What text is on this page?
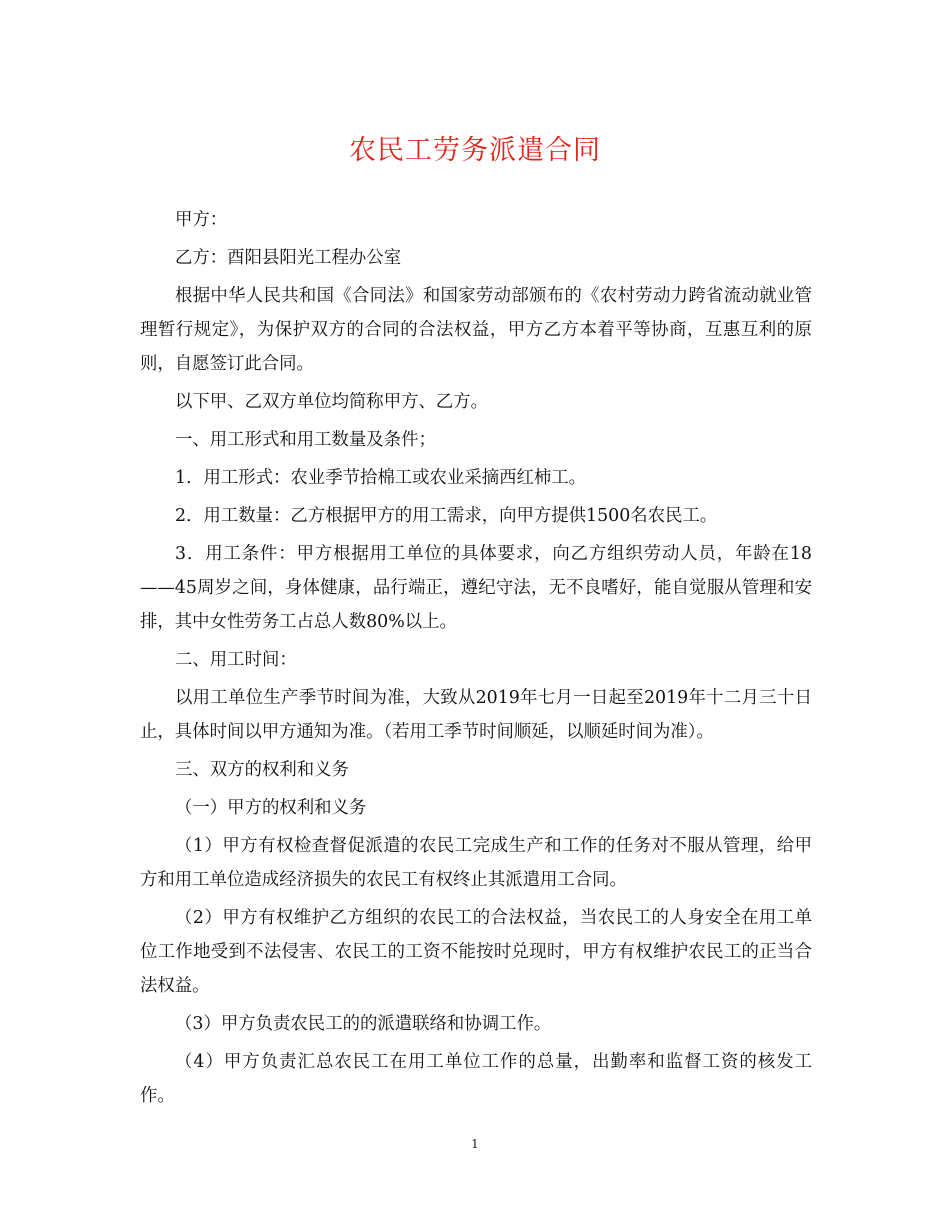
农民工劳务派遣合同

甲方：

乙方：酉阳县阳光工程办公室

根据中华人民共和国《合同法》和国家劳动部颁布的《农村劳动力跨省流动就业管理暂行规定》，为保护双方的合同的合法权益，甲方乙方本着平等协商，互惠互利的原则，自愿签订此合同。

以下甲、乙双方单位均简称甲方、乙方。

一、用工形式和用工数量及条件；

1．用工形式：农业季节拾棉工或农业采摘西红柿工。

2．用工数量：乙方根据甲方的用工需求，向甲方提供1500名农民工。

3．用工条件：甲方根据用工单位的具体要求，向乙方组织劳动人员，年龄在18——45周岁之间，身体健康，品行端正，遵纪守法，无不良嗜好，能自觉服从管理和安排，其中女性劳务工占总人数80%以上。

二、用工时间：

以用工单位生产季节时间为准，大致从2019年七月一日起至2019年十二月三十日止，具体时间以甲方通知为准。（若用工季节时间顺延，以顺延时间为准）。

三、双方的权利和义务

（一）甲方的权利和义务

（1）甲方有权检查督促派遣的农民工完成生产和工作的任务对不服从管理，给甲方和用工单位造成经济损失的农民工有权终止其派遣用工合同。

（2）甲方有权维护乙方组织的农民工的合法权益，当农民工的人身安全在用工单位工作地受到不法侵害、农民工的工资不能按时兑现时，甲方有权维护农民工的正当合法权益。

（3）甲方负责农民工的的派遣联络和协调工作。

（4）甲方负责汇总农民工在用工单位工作的总量，出勤率和监督工资的核发工作。

1
